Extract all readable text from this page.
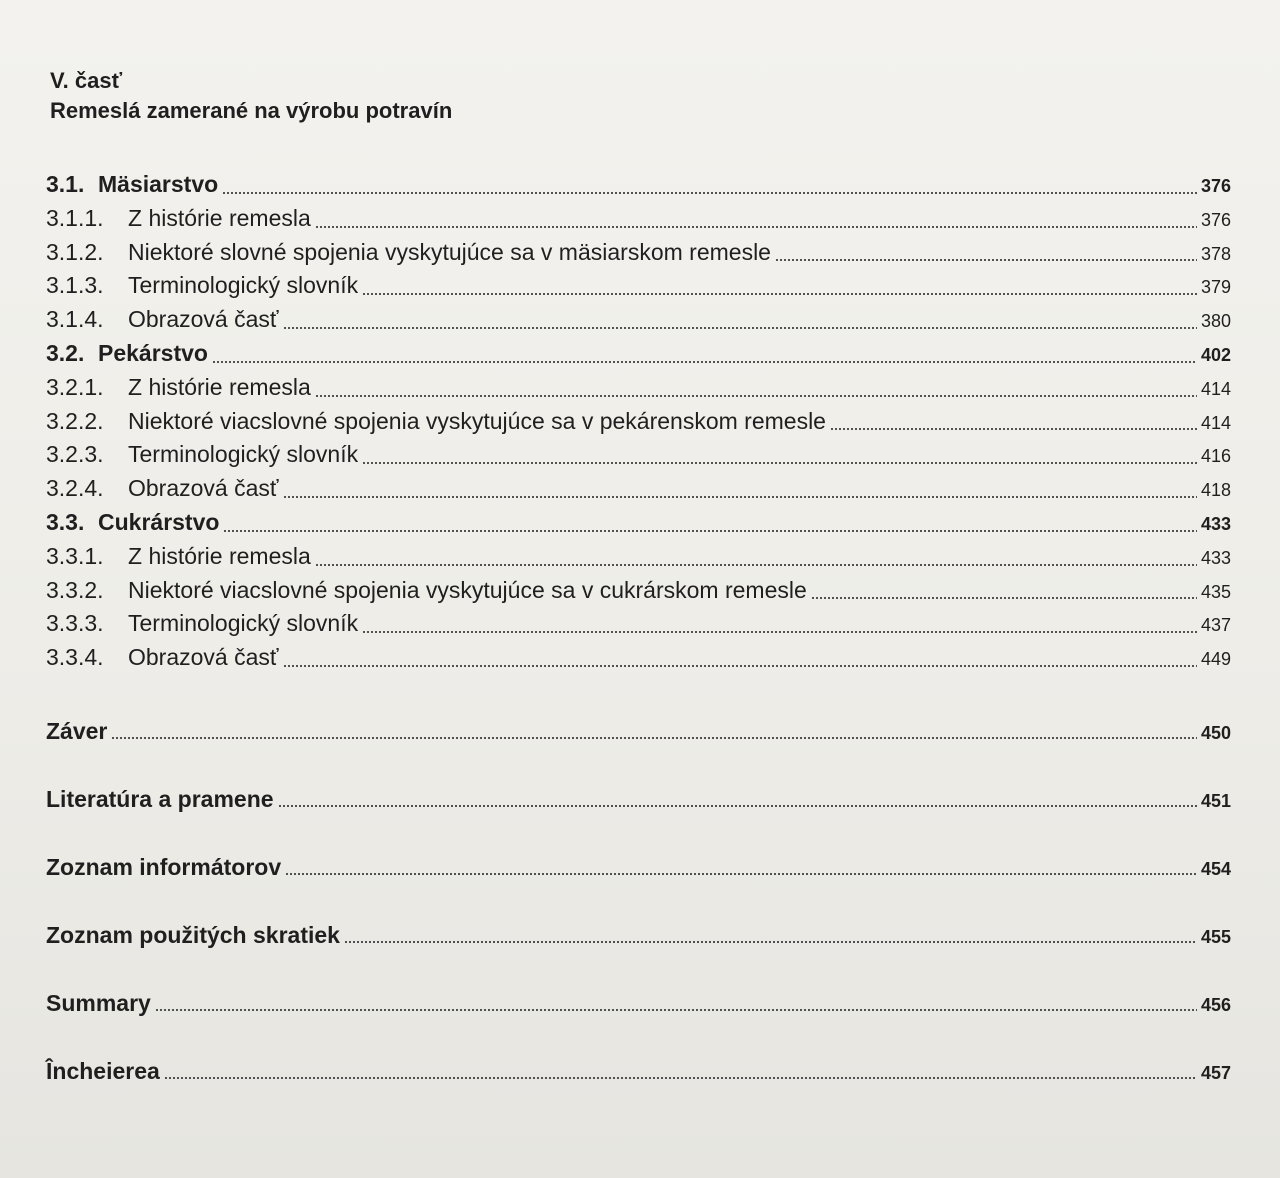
V. časť
Remeslá zamerané na výrobu potravín
3.1. Mäsiarstvo	376
3.1.1.	Z histórie remesla	376
3.1.2.	Niektoré slovné spojenia vyskytujúce sa v mäsiarskom remesle	378
3.1.3.	Terminologický slovník	379
3.1.4.	Obrazová časť	380
3.2. Pekárstvo	402
3.2.1.	Z histórie remesla	414
3.2.2.	Niektoré viacslovné spojenia vyskytujúce sa v pekárenskom remesle	414
3.2.3.	Terminologický slovník	416
3.2.4.	Obrazová časť	418
3.3. Cukrárstvo	433
3.3.1.	Z histórie remesla	433
3.3.2.	Niektoré viacslovné spojenia vyskytujúce sa v cukrárskom remesle	435
3.3.3.	Terminologický slovník	437
3.3.4.	Obrazová časť	449
Záver	450
Literatúra a pramene	451
Zoznam informátorov	454
Zoznam použitých skratiek	455
Summary	456
Încheierea	457
